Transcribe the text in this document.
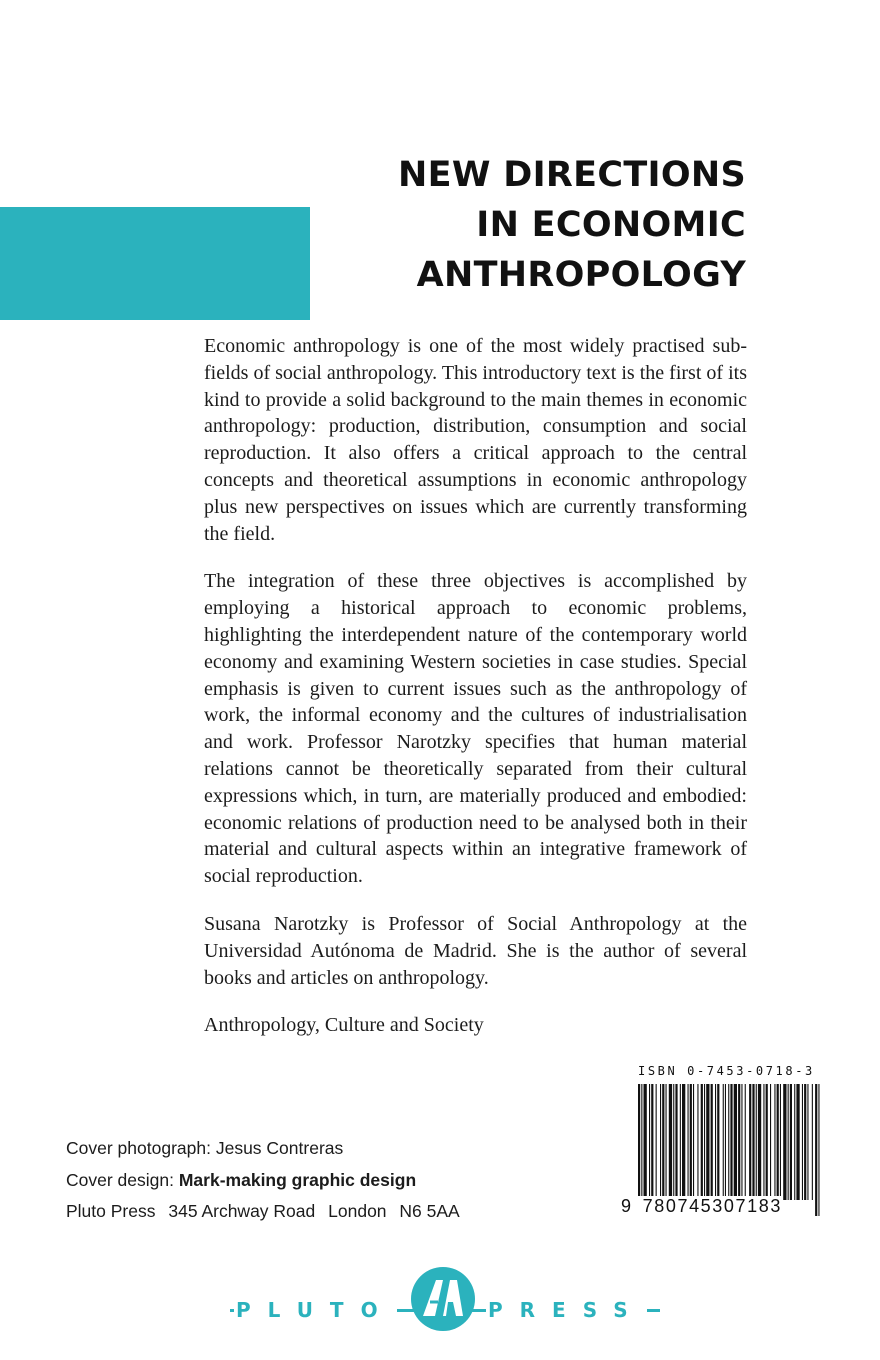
NEW DIRECTIONS
IN ECONOMIC
ANTHROPOLOGY

Economic anthropology is one of the most widely practised sub-fields of social anthropology. This introductory text is the first of its kind to provide a solid background to the main themes in economic anthropology: production, distribution, consumption and social reproduction. It also offers a critical approach to the central concepts and theoretical assumptions in economic anthropology plus new perspectives on issues which are currently transforming the field.

The integration of these three objectives is accomplished by employing a historical approach to economic problems, highlighting the interdependent nature of the contemporary world economy and examining Western societies in case studies. Special emphasis is given to current issues such as the anthropology of work, the informal economy and the cultures of industrialisation and work. Professor Narotzky specifies that human material relations cannot be theoretically separated from their cultural expressions which, in turn, are materially produced and embodied: economic relations of production need to be analysed both in their material and cultural aspects within an integrative framework of social reproduction.

Susana Narotzky is Professor of Social Anthropology at the Universidad Autónoma de Madrid. She is the author of several books and articles on anthropology.

Anthropology, Culture and Society

Cover photograph: Jesus Contreras
Cover design: Mark-making graphic design
Pluto Press 345 Archway Road London N6 5AA
ISBN 0-7453-0718-3
9 780745307183
PLUTO	PRESS
